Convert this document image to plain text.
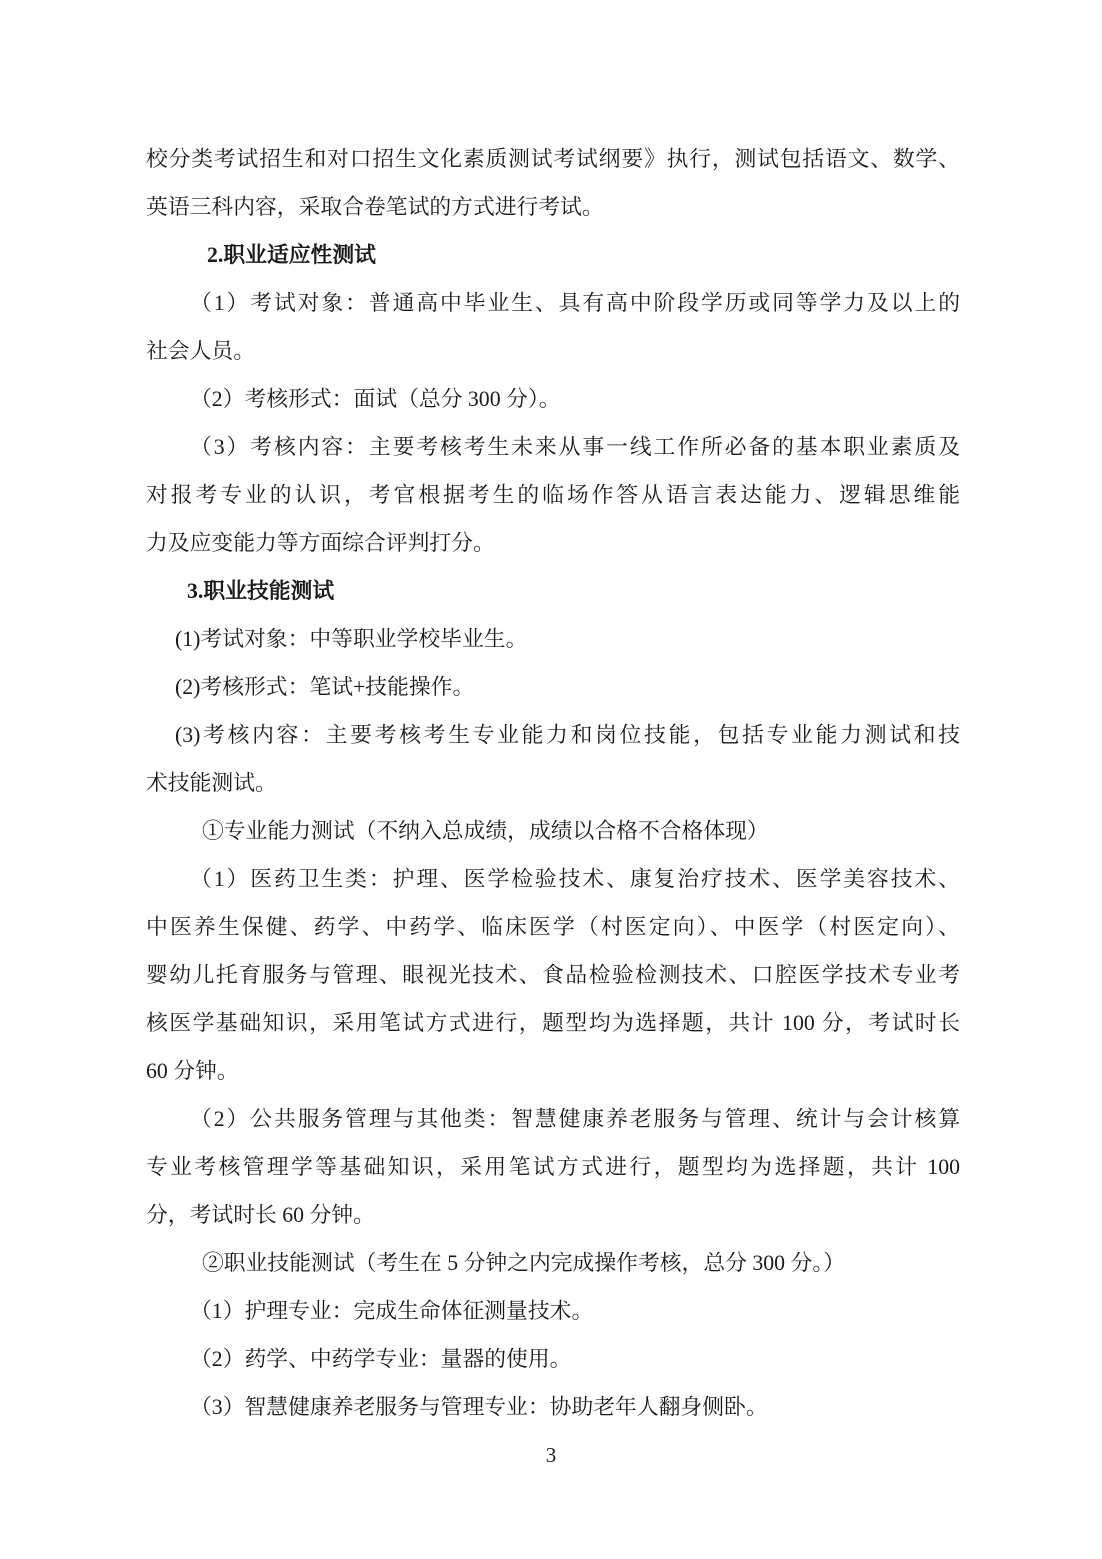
校分类考试招生和对口招生文化素质测试考试纲要》执行，测试包括语文、数学、
英语三科内容，采取合卷笔试的方式进行考试。
2.职业适应性测试
（1）考试对象：普通高中毕业生、具有高中阶段学历或同等学力及以上的
社会人员。
（2）考核形式：面试（总分 300 分）。
（3）考核内容：主要考核考生未来从事一线工作所必备的基本职业素质及
对报考专业的认识，考官根据考生的临场作答从语言表达能力、逻辑思维能
力及应变能力等方面综合评判打分。
3.职业技能测试
(1)考试对象：中等职业学校毕业生。
(2)考核形式：笔试+技能操作。
(3)考核内容：主要考核考生专业能力和岗位技能，包括专业能力测试和技
术技能测试。
①专业能力测试（不纳入总成绩，成绩以合格不合格体现）
（1）医药卫生类：护理、医学检验技术、康复治疗技术、医学美容技术、
中医养生保健、药学、中药学、临床医学（村医定向）、中医学（村医定向）、
婴幼儿托育服务与管理、眼视光技术、食品检验检测技术、口腔医学技术专业考
核医学基础知识，采用笔试方式进行，题型均为选择题，共计 100 分，考试时长
60 分钟。
（2）公共服务管理与其他类：智慧健康养老服务与管理、统计与会计核算
专业考核管理学等基础知识，采用笔试方式进行，题型均为选择题，共计 100
分，考试时长 60 分钟。
②职业技能测试（考生在 5 分钟之内完成操作考核，总分 300 分。）
（1）护理专业：完成生命体征测量技术。
（2）药学、中药学专业：量器的使用。
（3）智慧健康养老服务与管理专业：协助老年人翻身侧卧。
3
